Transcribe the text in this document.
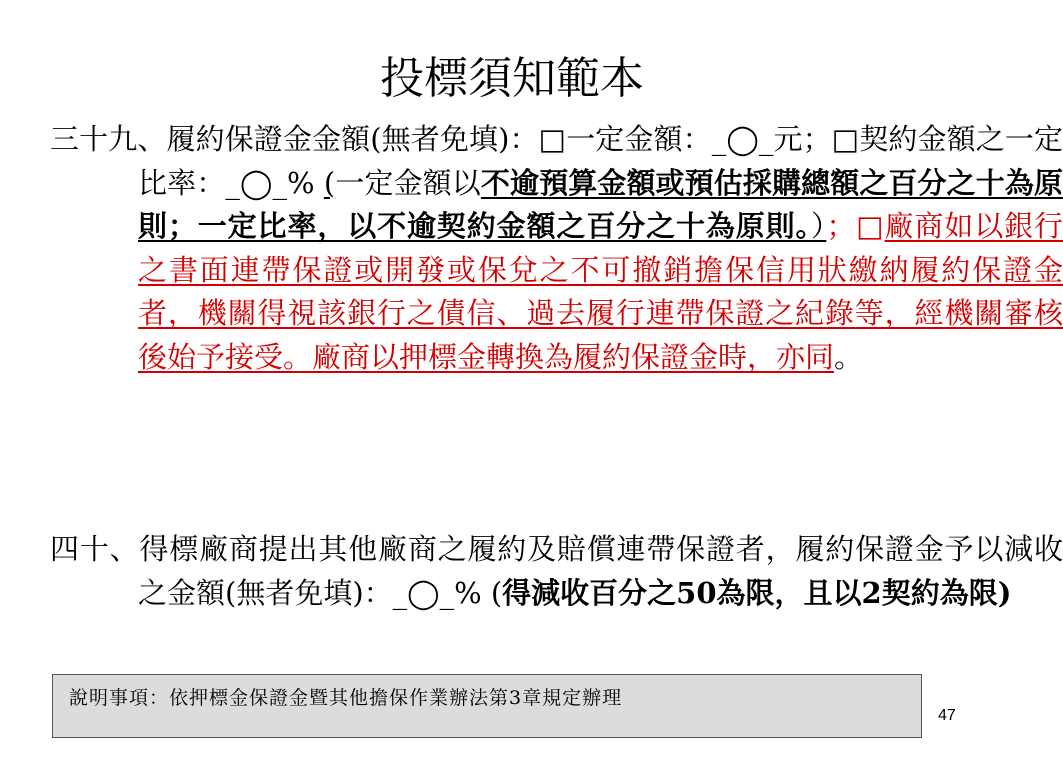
投標須知範本
三十九、履約保證金金額(無者免填)：□一定金額：_◯_元；□契約金額之一定比率：_◯_% (一定金額以不逾預算金額或預估採購總額之百分之十為原則；一定比率，以不逾契約金額之百分之十為原則。）；□廠商如以銀行之書面連帶保證或開發或保兌之不可撤銷擔保信用狀繳納履約保證金者，機關得視該銀行之債信、過去履行連帶保證之紀錄等，經機關審核後始予接受。廠商以押標金轉換為履約保證金時，亦同。
四十、得標廠商提出其他廠商之履約及賠償連帶保證者，履約保證金予以減收之金額(無者免填)：_◯_% (得減收百分之50為限，且以2契約為限)
說明事項：依押標金保證金暨其他擔保作業辦法第3章規定辦理
47
